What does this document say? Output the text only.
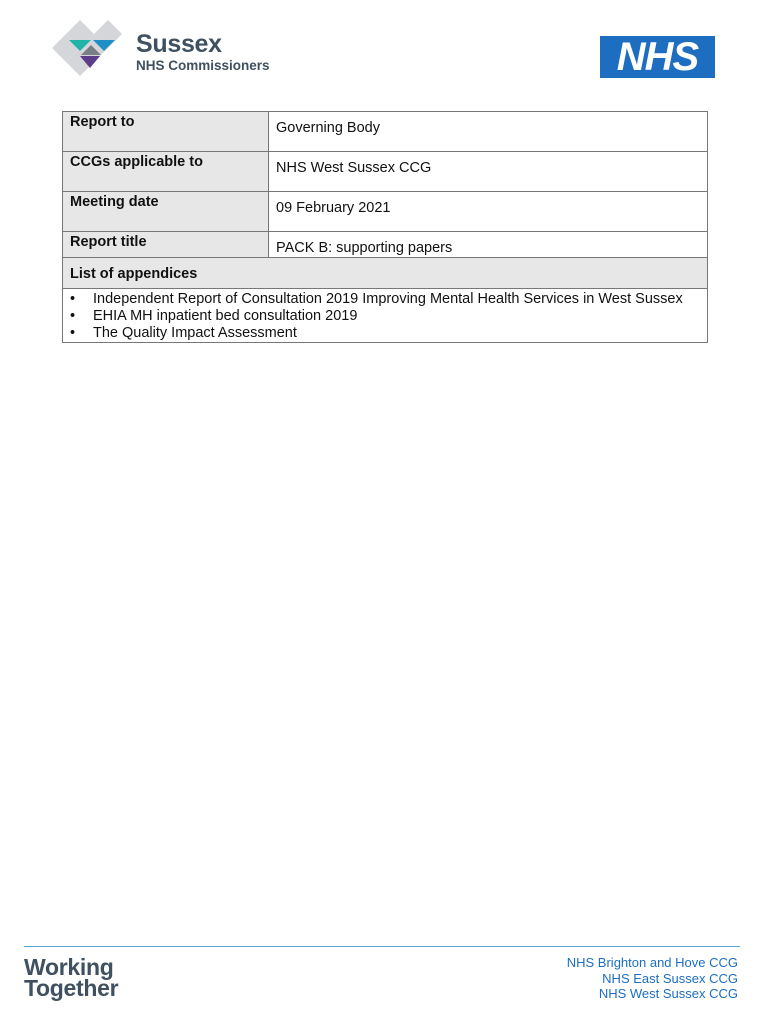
Sussex
NHS Commissioners	NHS
Report to	Governing Body
CCGs applicable to	NHS West Sussex CCG
Meeting date	09 February 2021
Report title	PACK B: supporting papers
List of appendices
• Independent Report of Consultation 2019 Improving Mental Health Services in West Sussex
• EHIA MH inpatient bed consultation 2019
• The Quality Impact Assessment
Working
Together
NHS Brighton and Hove CCG
NHS East Sussex CCG
NHS West Sussex CCG
